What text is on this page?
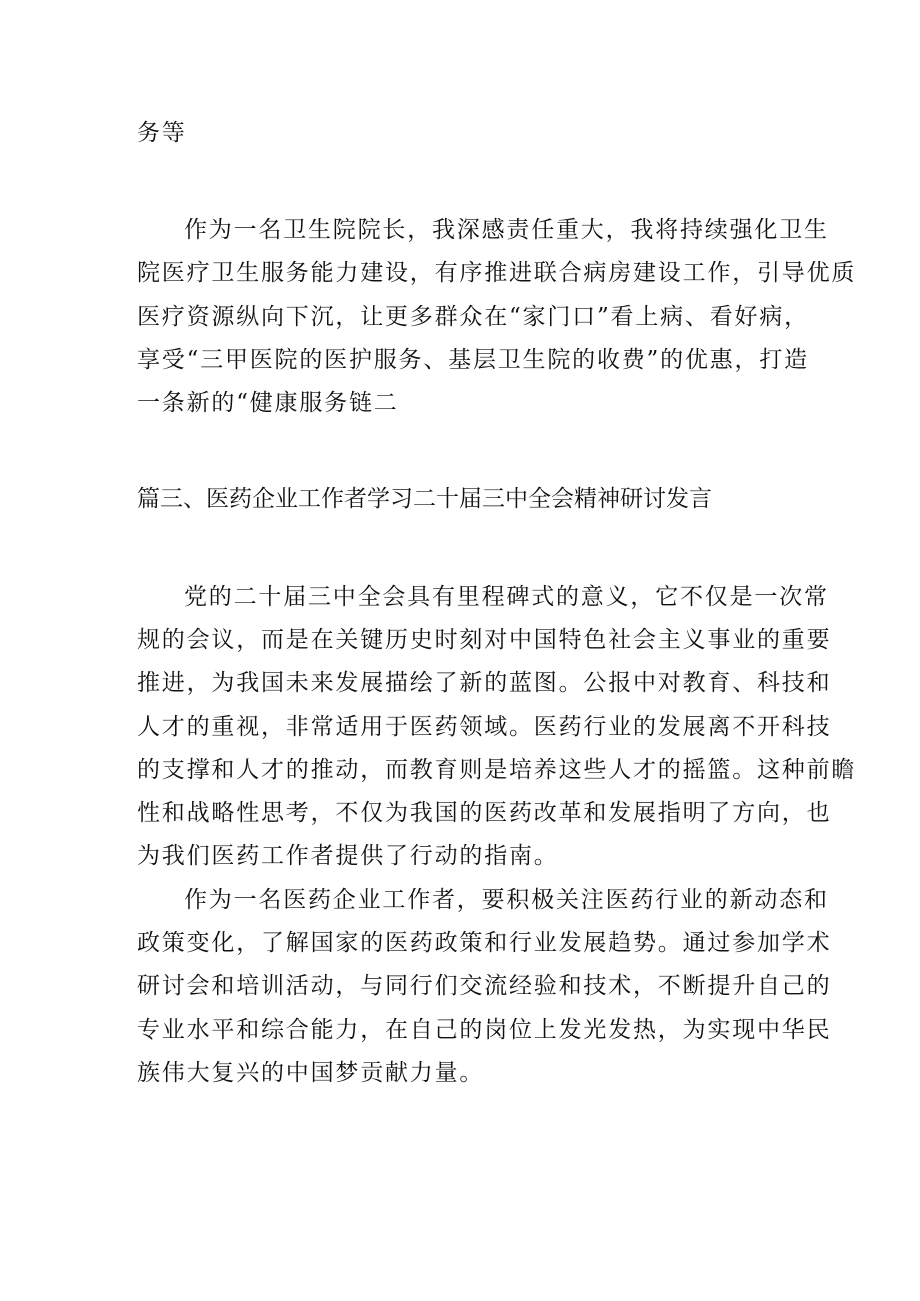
务等
作为一名卫生院院长，我深感责任重大，我将持续强化卫生
院医疗卫生服务能力建设，有序推进联合病房建设工作，引导优质
医疗资源纵向下沉，让更多群众在“家门口”看上病、看好病，
享受“三甲医院的医护服务、基层卫生院的收费”的优惠，打造
一条新的“健康服务链二
篇三、医药企业工作者学习二十届三中全会精神研讨发言
党的二十届三中全会具有里程碑式的意义，它不仅是一次常
规的会议，而是在关键历史时刻对中国特色社会主义事业的重要
推进，为我国未来发展描绘了新的蓝图。公报中对教育、科技和
人才的重视，非常适用于医药领域。医药行业的发展离不开科技
的支撑和人才的推动，而教育则是培养这些人才的摇篮。这种前瞻
性和战略性思考，不仅为我国的医药改革和发展指明了方向，也
为我们医药工作者提供了行动的指南。
作为一名医药企业工作者，要积极关注医药行业的新动态和
政策变化，了解国家的医药政策和行业发展趋势。通过参加学术
研讨会和培训活动，与同行们交流经验和技术，不断提升自己的
专业水平和综合能力，在自己的岗位上发光发热，为实现中华民
族伟大复兴的中国梦贡献力量。
